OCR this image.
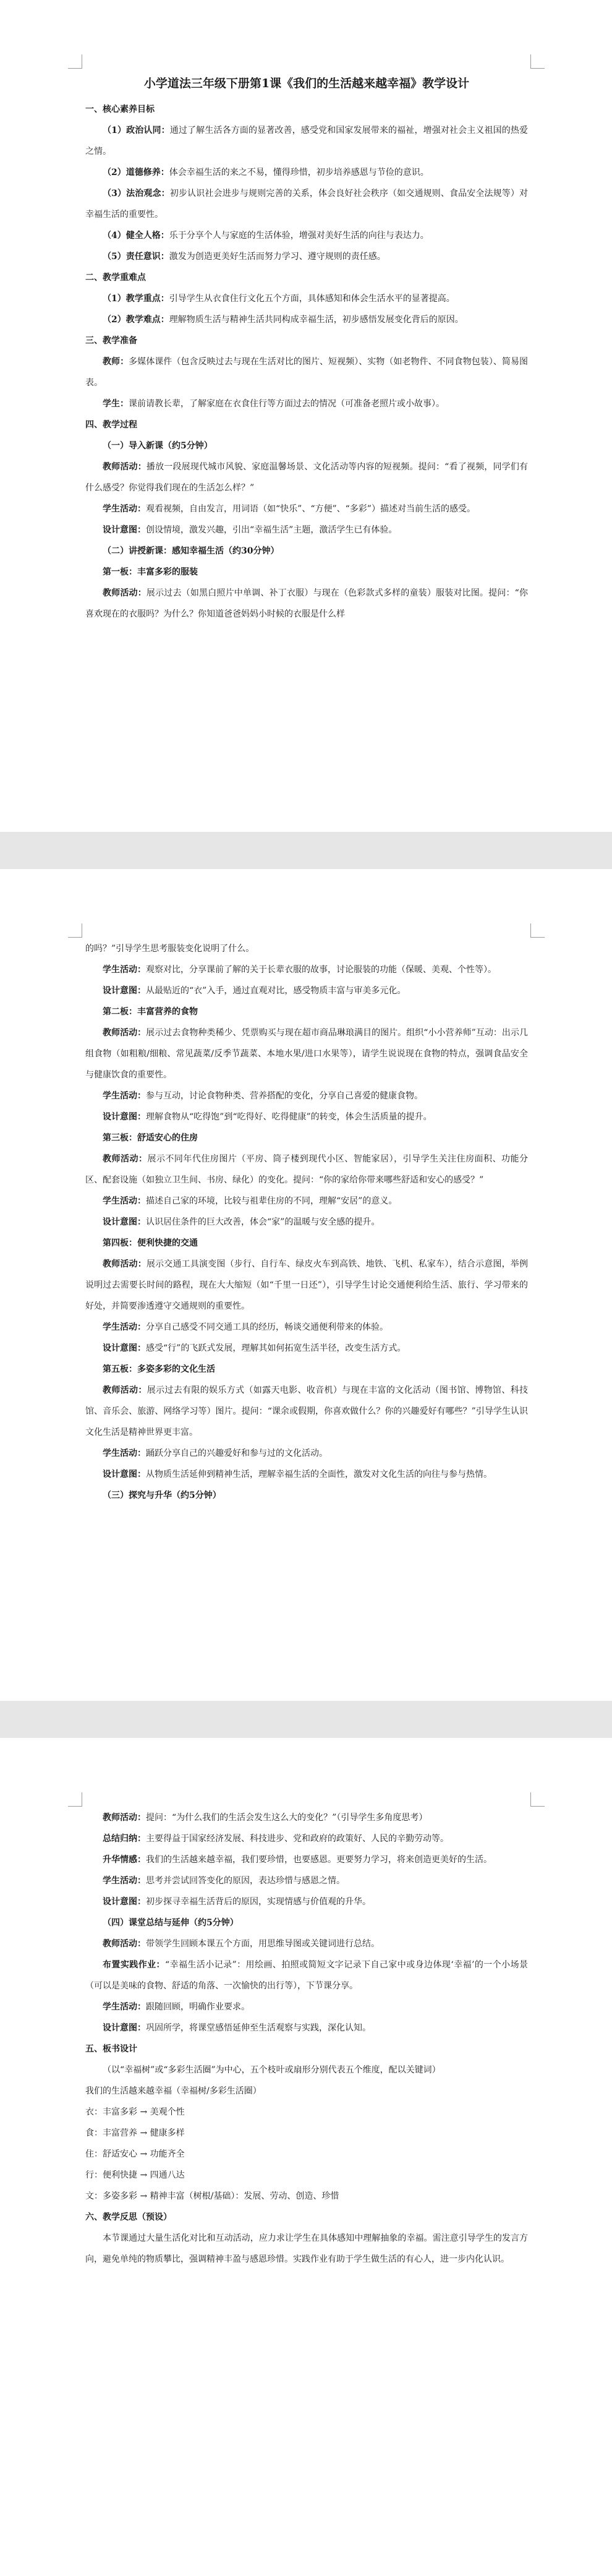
小学道法三年级下册第1课《我们的生活越来越幸福》教学设计

一、核心素养目标

（1）政治认同：通过了解生活各方面的显著改善，感受党和国家发展带来的福祉，增强对社会主义祖国的热爱之情。

（2）道德修养：体会幸福生活的来之不易，懂得珍惜，初步培养感恩与节俭的意识。

（3）法治观念：初步认识社会进步与规则完善的关系，体会良好社会秩序（如交通规则、食品安全法规等）对幸福生活的重要性。

（4）健全人格：乐于分享个人与家庭的生活体验，增强对美好生活的向往与表达力。

（5）责任意识：激发为创造更美好生活而努力学习、遵守规则的责任感。

二、教学重难点

（1）教学重点：引导学生从衣食住行文化五个方面，具体感知和体会生活水平的显著提高。

（2）教学难点：理解物质生活与精神生活共同构成幸福生活，初步感悟发展变化背后的原因。

三、教学准备

教师：多媒体课件（包含反映过去与现在生活对比的图片、短视频）、实物（如老物件、不同食物包装）、简易图表。

学生：课前请教长辈，了解家庭在衣食住行等方面过去的情况（可准备老照片或小故事）。

四、教学过程

（一）导入新课（约5分钟）

教师活动：播放一段展现代城市风貌、家庭温馨场景、文化活动等内容的短视频。提问：“看了视频，同学们有什么感受？你觉得我们现在的生活怎么样？”

学生活动：观看视频，自由发言，用词语（如“快乐”、“方便”、“多彩”）描述对当前生活的感受。

设计意图：创设情境，激发兴趣，引出“幸福生活”主题，激活学生已有体验。

（二）讲授新课：感知幸福生活（约30分钟）

第一板：丰富多彩的服装

教师活动：展示过去（如黑白照片中单调、补丁衣服）与现在（色彩款式多样的童装）服装对比图。提问：“你喜欢现在的衣服吗？为什么？你知道爸爸妈妈小时候的衣服是什么样

的吗？”引导学生思考服装变化说明了什么。

学生活动：观察对比，分享课前了解的关于长辈衣服的故事，讨论服装的功能（保暖、美观、个性等）。

设计意图：从最贴近的“衣”入手，通过直观对比，感受物质丰富与审美多元化。

第二板：丰富营养的食物

教师活动：展示过去食物种类稀少、凭票购买与现在超市商品琳琅满目的图片。组织“小小营养师”互动：出示几组食物（如粗粮/细粮、常见蔬菜/反季节蔬菜、本地水果/进口水果等），请学生说说现在食物的特点，强调食品安全与健康饮食的重要性。

学生活动：参与互动，讨论食物种类、营养搭配的变化，分享自己喜爱的健康食物。

设计意图：理解食物从“吃得饱”到“吃得好、吃得健康”的转变，体会生活质量的提升。

第三板：舒适安心的住房

教师活动：展示不同年代住房图片（平房、筒子楼到现代小区、智能家居），引导学生关注住房面积、功能分区、配套设施（如独立卫生间、书房、绿化）的变化。提问：“你的家给你带来哪些舒适和安心的感受？”

学生活动：描述自己家的环境，比较与祖辈住房的不同，理解“安居”的意义。

设计意图：认识居住条件的巨大改善，体会“家”的温暖与安全感的提升。

第四板：便利快捷的交通

教师活动：展示交通工具演变图（步行、自行车、绿皮火车到高铁、地铁、飞机、私家车），结合示意图，举例说明过去需要长时间的路程，现在大大缩短（如“千里一日还”），引导学生讨论交通便利给生活、旅行、学习带来的好处，并简要渗透遵守交通规则的重要性。

学生活动：分享自己感受不同交通工具的经历，畅谈交通便利带来的体验。

设计意图：感受“行”的飞跃式发展，理解其如何拓宽生活半径，改变生活方式。

第五板：多姿多彩的文化生活

教师活动：展示过去有限的娱乐方式（如露天电影、收音机）与现在丰富的文化活动（图书馆、博物馆、科技馆、音乐会、旅游、网络学习等）图片。提问：“课余或假期，你喜欢做什么？你的兴趣爱好有哪些？”引导学生认识文化生活是精神世界更丰富。

学生活动：踊跃分享自己的兴趣爱好和参与过的文化活动。

设计意图：从物质生活延伸到精神生活，理解幸福生活的全面性，激发对文化生活的向往与参与热情。

（三）探究与升华（约5分钟）

教师活动：提问：“为什么我们的生活会发生这么大的变化？”（引导学生多角度思考）

总结归纳：主要得益于国家经济发展、科技进步、党和政府的政策好、人民的辛勤劳动等。

升华情感：我们的生活越来越幸福，我们要珍惜，也要感恩。更要努力学习，将来创造更美好的生活。

学生活动：思考并尝试回答变化的原因，表达珍惜与感恩之情。

设计意图：初步探寻幸福生活背后的原因，实现情感与价值观的升华。

（四）课堂总结与延伸（约5分钟）

教师活动：带领学生回顾本课五个方面，用思维导图或关键词进行总结。

布置实践作业：“幸福生活小记录”：用绘画、拍照或简短文字记录下自己家中或身边体现‘幸福’的一个小场景（可以是美味的食物、舒适的角落、一次愉快的出行等），下节课分享。

学生活动：跟随回顾，明确作业要求。

设计意图：巩固所学，将课堂感悟延伸至生活观察与实践，深化认知。

五、板书设计

（以“幸福树”或“多彩生活圈”为中心，五个枝叶或扇形分别代表五个维度，配以关键词）

我们的生活越来越幸福（幸福树/多彩生活圈）

衣：丰富多彩 → 美观个性

食：丰富营养 → 健康多样

住：舒适安心 → 功能齐全

行：便利快捷 → 四通八达

文：多姿多彩 → 精神丰富（树根/基础）：发展、劳动、创造、珍惜

六、教学反思（预设）

本节课通过大量生活化对比和互动活动，应力求让学生在具体感知中理解抽象的幸福。需注意引导学生的发言方向，避免单纯的物质攀比，强调精神丰盈与感恩珍惜。实践作业有助于学生做生活的有心人，进一步内化认识。
